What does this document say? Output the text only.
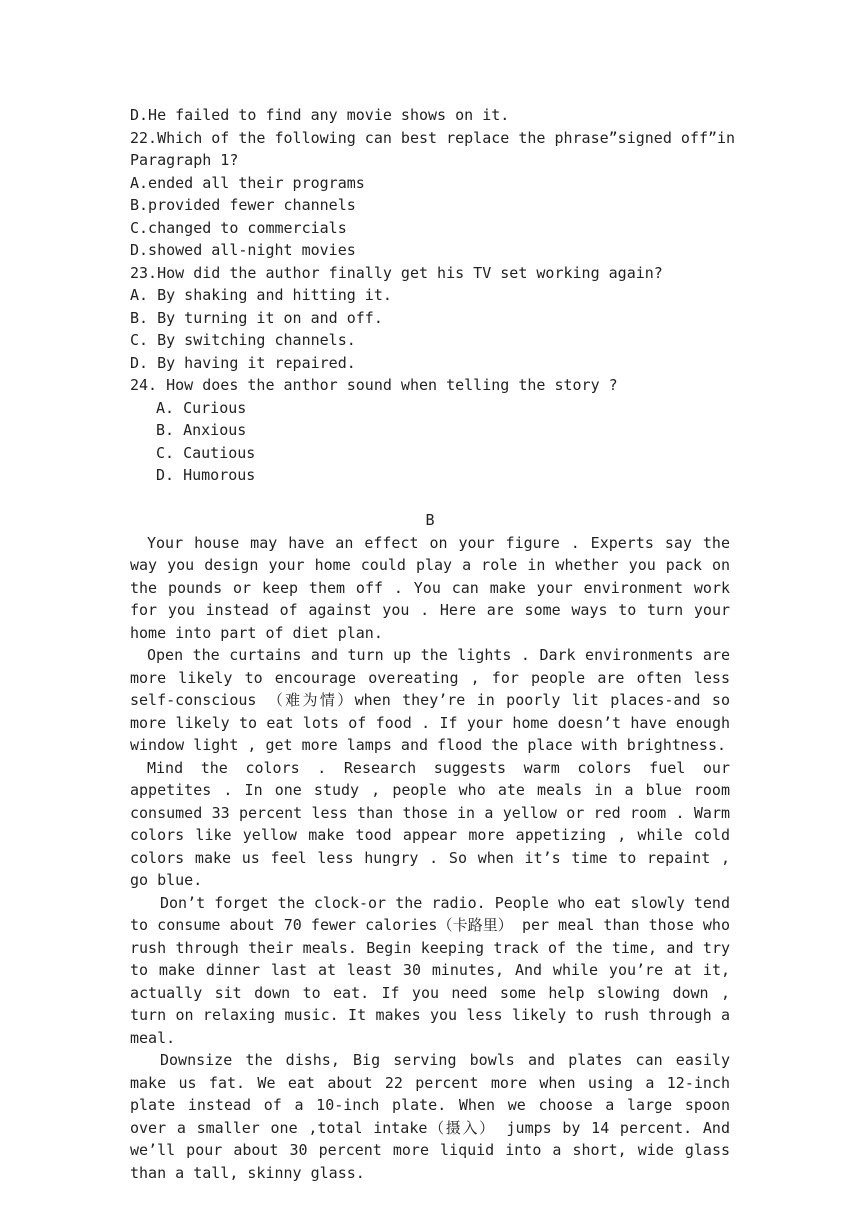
D.He failed to find any movie shows on it.
22.Which of the following can best replace the phrase”signed off”in
Paragraph 1?
A.ended all their programs
B.provided fewer channels
C.changed to commercials
D.showed all-night movies
23.How did the author finally get his TV set working again?
A. By shaking and hitting it.
B. By turning it on and off.
C. By switching channels.
D. By having it repaired.
24. How does the anthor sound when telling the story ?
A. Curious
B. Anxious
C. Cautious
D. Humorous
B

Your house may have an effect on your figure . Experts say the way you design your home could play a role in whether you pack on the pounds or keep them off . You can make your environment work for you instead of against you . Here are some ways to turn your home into part of diet plan.

Open the curtains and turn up the lights . Dark environments are more likely to encourage overeating , for people are often less self-conscious （难为情）when they’re in poorly lit places-and so more likely to eat lots of food . If your home doesn’t have enough window light , get more lamps and flood the place with brightness.

Mind the colors . Research suggests warm colors fuel our appetites . In one study , people who ate meals in a blue room consumed 33 percent less than those in a yellow or red room . Warm colors like yellow make tood appear more appetizing , while cold colors make us feel less hungry . So when it’s time to repaint , go blue.

Don’t forget the clock-or the radio. People who eat slowly tend to consume about 70 fewer calories（卡路里） per meal than those who rush through their meals. Begin keeping track of the time, and try to make dinner last at least 30 minutes, And while you’re at it, actually sit down to eat. If you need some help slowing down , turn on relaxing music. It makes you less likely to rush through a meal.

Downsize the dishs, Big serving bowls and plates can easily make us fat. We eat about 22 percent more when using a 12-inch plate instead of a 10-inch plate. When we choose a large spoon over a smaller one ,total intake（摄入） jumps by 14 percent. And we’ll pour about 30 percent more liquid into a short, wide glass than a tall, skinny glass.
